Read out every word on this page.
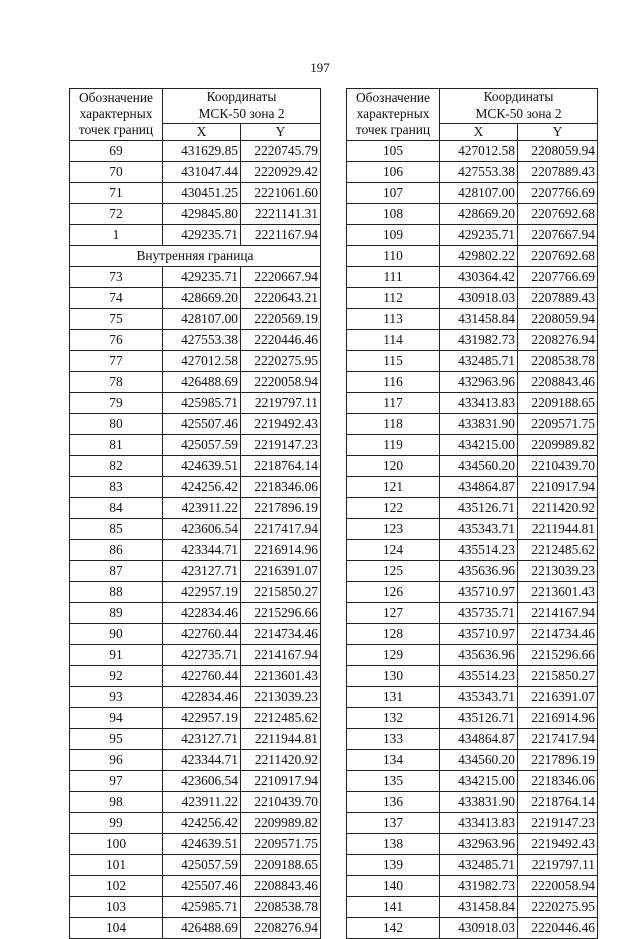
197
Обозначение
характерных
точек границ	Координаты
МСК-50 зона 2	

	X	Y
69	431629.85	2220745.79
70	431047.44	2220929.42
71	430451.25	2221061.60
72	429845.80	2221141.31
1	429235.71	2221167.94
Внутренняя граница		
73	429235.71	2220667.94
74	428669.20	2220643.21
75	428107.00	2220569.19
76	427553.38	2220446.46
77	427012.58	2220275.95
78	426488.69	2220058.94
79	425985.71	2219797.11
80	425507.46	2219492.43
81	425057.59	2219147.23
82	424639.51	2218764.14
83	424256.42	2218346.06
84	423911.22	2217896.19
85	423606.54	2217417.94
86	423344.71	2216914.96
87	423127.71	2216391.07
88	422957.19	2215850.27
89	422834.46	2215296.66
90	422760.44	2214734.46
91	422735.71	2214167.94
92	422760.44	2213601.43
93	422834.46	2213039.23
94	422957.19	2212485.62
95	423127.71	2211944.81
96	423344.71	2211420.92
97	423606.54	2210917.94
98	423911.22	2210439.70
99	424256.42	2209989.82
100	424639.51	2209571.75
101	425057.59	2209188.65
102	425507.46	2208843.46
103	425985.71	2208538.78
104	426488.69	2208276.94
Обозначение
характерных
точек границ	Координаты
МСК-50 зона 2	

	X	Y
105	427012.58	2208059.94
106	427553.38	2207889.43
107	428107.00	2207766.69
108	428669.20	2207692.68
109	429235.71	2207667.94
110	429802.22	2207692.68
111	430364.42	2207766.69
112	430918.03	2207889.43
113	431458.84	2208059.94
114	431982.73	2208276.94
115	432485.71	2208538.78
116	432963.96	2208843.46
117	433413.83	2209188.65
118	433831.90	2209571.75
119	434215.00	2209989.82
120	434560.20	2210439.70
121	434864.87	2210917.94
122	435126.71	2211420.92
123	435343.71	2211944.81
124	435514.23	2212485.62
125	435636.96	2213039.23
126	435710.97	2213601.43
127	435735.71	2214167.94
128	435710.97	2214734.46
129	435636.96	2215296.66
130	435514.23	2215850.27
131	435343.71	2216391.07
132	435126.71	2216914.96
133	434864.87	2217417.94
134	434560.20	2217896.19
135	434215.00	2218346.06
136	433831.90	2218764.14
137	433413.83	2219147.23
138	432963.96	2219492.43
139	432485.71	2219797.11
140	431982.73	2220058.94
141	431458.84	2220275.95
142	430918.03	2220446.46
